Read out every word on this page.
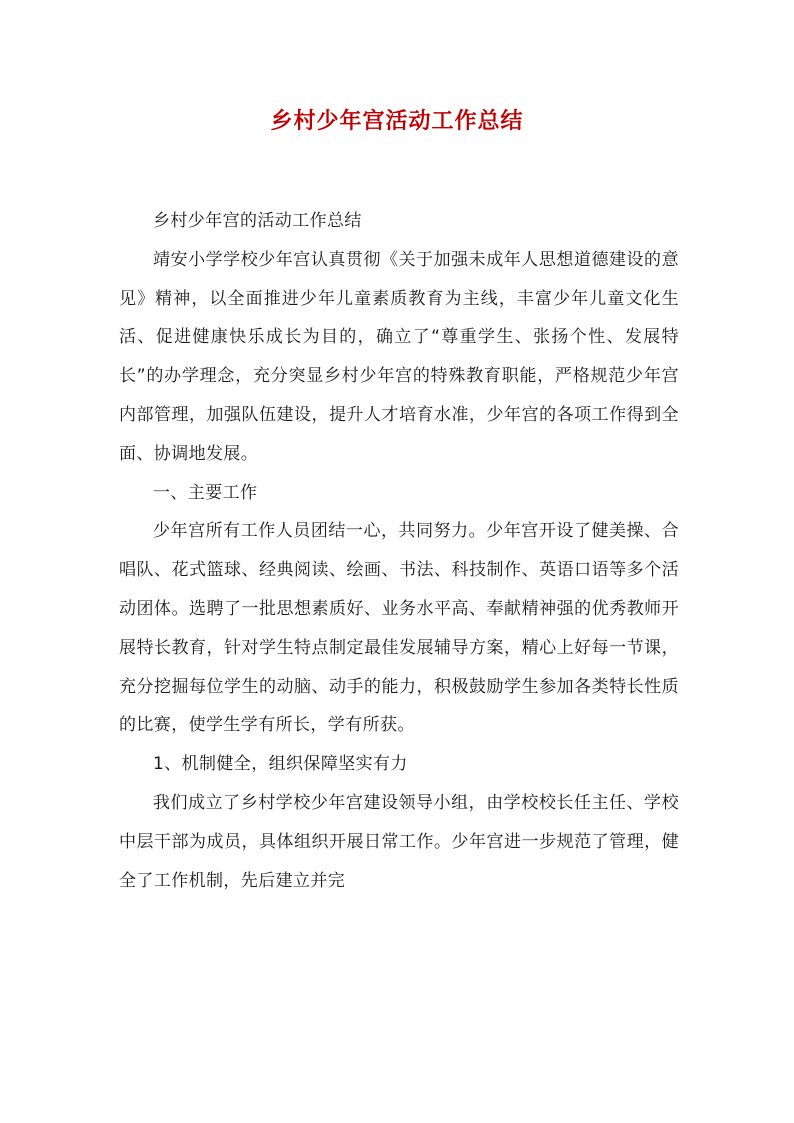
乡村少年宫活动工作总结

乡村少年宫的活动工作总结

靖安小学学校少年宫认真贯彻《关于加强未成年人思想道德建设的意见》精神，以全面推进少年儿童素质教育为主线，丰富少年儿童文化生活、促进健康快乐成长为目的，确立了“尊重学生、张扬个性、发展特长”的办学理念，充分突显乡村少年宫的特殊教育职能，严格规范少年宫内部管理，加强队伍建设，提升人才培育水准，少年宫的各项工作得到全面、协调地发展。

一、主要工作

少年宫所有工作人员团结一心，共同努力。少年宫开设了健美操、合唱队、花式篮球、经典阅读、绘画、书法、科技制作、英语口语等多个活动团体。选聘了一批思想素质好、业务水平高、奉献精神强的优秀教师开展特长教育，针对学生特点制定最佳发展辅导方案，精心上好每一节课，充分挖掘每位学生的动脑、动手的能力，积极鼓励学生参加各类特长性质的比赛，使学生学有所长，学有所获。

1、机制健全，组织保障坚实有力

我们成立了乡村学校少年宫建设领导小组，由学校校长任主任、学校中层干部为成员，具体组织开展日常工作。少年宫进一步规范了管理，健全了工作机制，先后建立并完
